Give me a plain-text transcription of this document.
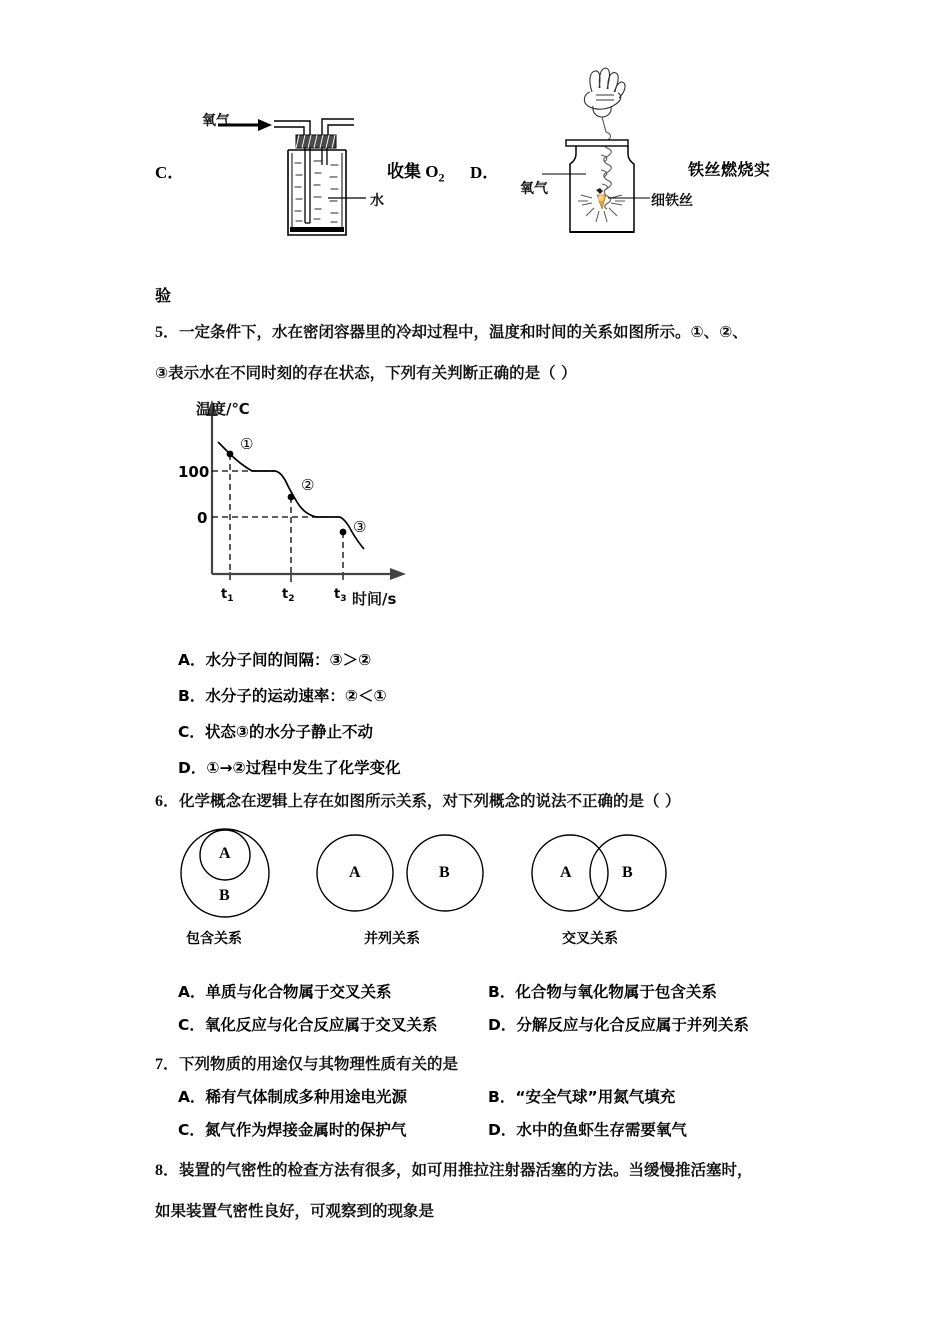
C．
氧气
水
D．
氧气
细铁丝
收集 $O_2$	铁丝燃烧实
验
5．一定条件下，水在密闭容器里的冷却过程中，温度和时间的关系如图所示。①、②、
③表示水在不同时刻的存在状态，下列有关判断正确的是（ ）
①
②
③
100
0
$t_1$	$t_2$	$t_3$
温度/℃
时间/s
A．水分子间的间隔：③＞②
B．水分子的运动速率：②＜①
C．状态③的水分子静止不动
D．①→②过程中发生了化学变化
6．化学概念在逻辑上存在如图所示关系，对下列概念的说法不正确的是（ ）
A
B
A	B	A	B
包含关系	并列关系	交叉关系
A．单质与化合物属于交叉关系	B．化合物与氧化物属于包含关系
C．氧化反应与化合反应属于交叉关系	D．分解反应与化合反应属于并列关系
7．下列物质的用途仅与其物理性质有关的是
A．稀有气体制成多种用途电光源	B．“安全气球”用氮气填充
C．氮气作为焊接金属时的保护气	D．水中的鱼虾生存需要氧气
8．装置的气密性的检查方法有很多，如可用推拉注射器活塞的方法。当缓慢推活塞时，
如果装置气密性良好，可观察到的现象是
